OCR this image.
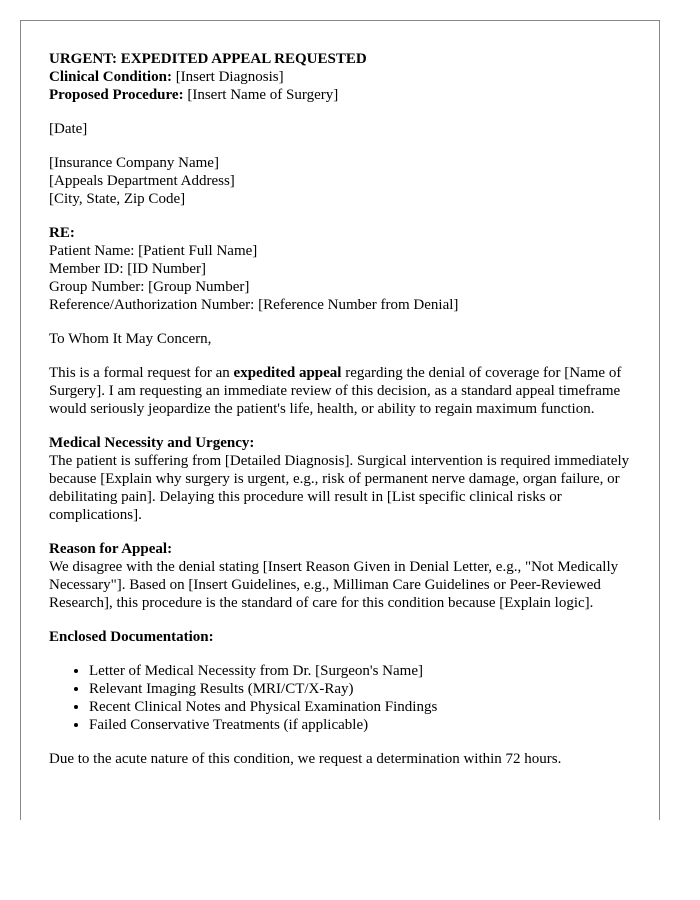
URGENT: EXPEDITED APPEAL REQUESTED
Clinical Condition: [Insert Diagnosis]
Proposed Procedure: [Insert Name of Surgery]
[Date]
[Insurance Company Name]
[Appeals Department Address]
[City, State, Zip Code]
RE:
Patient Name: [Patient Full Name]
Member ID: [ID Number]
Group Number: [Group Number]
Reference/Authorization Number: [Reference Number from Denial]
To Whom It May Concern,

This is a formal request for an expedited appeal regarding the denial of coverage for [Name of Surgery]. I am requesting an immediate review of this decision, as a standard appeal timeframe would seriously jeopardize the patient's life, health, or ability to regain maximum function.

Medical Necessity and Urgency:

The patient is suffering from [Detailed Diagnosis]. Surgical intervention is required immediately because [Explain why surgery is urgent, e.g., risk of permanent nerve damage, organ failure, or debilitating pain]. Delaying this procedure will result in [List specific clinical risks or complications].

Reason for Appeal:

We disagree with the denial stating [Insert Reason Given in Denial Letter, e.g., "Not Medically Necessary"]. Based on [Insert Guidelines, e.g., Milliman Care Guidelines or Peer-Reviewed Research], this procedure is the standard of care for this condition because [Explain logic].

Enclosed Documentation:
• Letter of Medical Necessity from Dr. [Surgeon's Name]
• Relevant Imaging Results (MRI/CT/X-Ray)
• Recent Clinical Notes and Physical Examination Findings
• Failed Conservative Treatments (if applicable)

Due to the acute nature of this condition, we request a determination within 72 hours.
